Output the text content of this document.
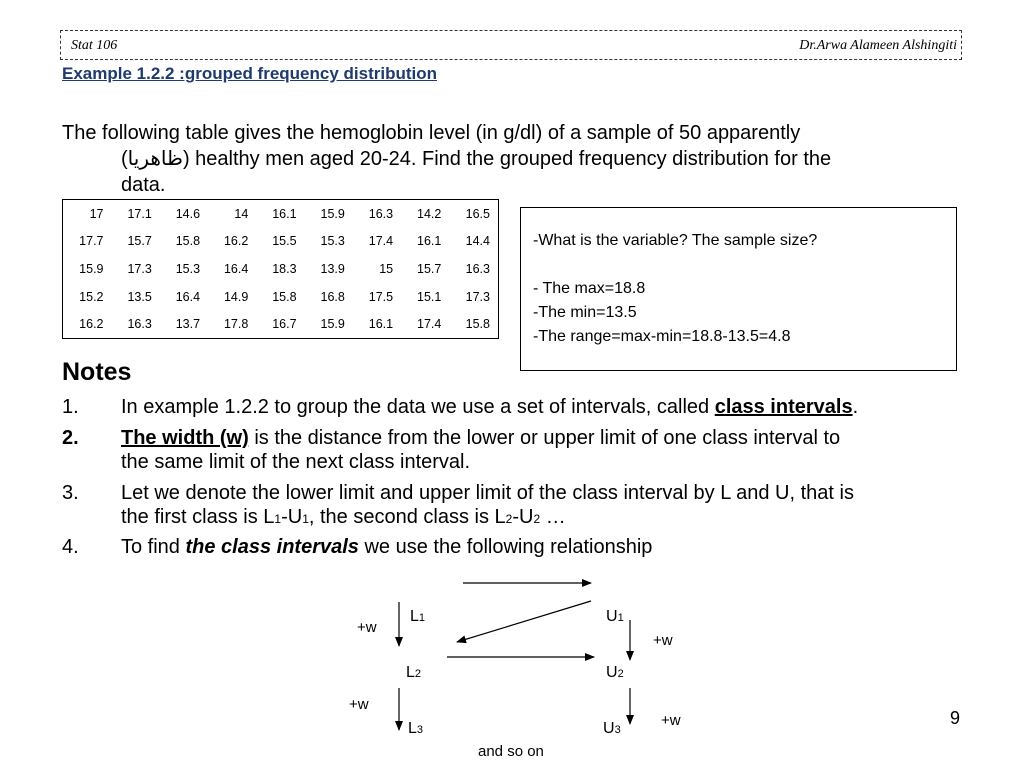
Stat 106	Dr.Arwa Alameen Alshingiti
Example 1.2.2 :grouped frequency distribution
The following table gives the hemoglobin level (in g/dl) of a sample of 50 apparently
(ظاهريا) healthy men aged 20-24. Find the grouped frequency distribution for the
data.
17	17.1	14.6	14	16.1	15.9	16.3	14.2	16.5
17.7	15.7	15.8	16.2	15.5	15.3	17.4	16.1	14.4
15.9	17.3	15.3	16.4	18.3	13.9	15	15.7	16.3
15.2	13.5	16.4	14.9	15.8	16.8	17.5	15.1	17.3
16.2	16.3	13.7	17.8	16.7	15.9	16.1	17.4	15.8
-What is the variable? The sample size?
- The max=18.8
-The min=13.5
-The range=max-min=18.8-13.5=4.8
Notes
1. In example 1.2.2 to group the data we use a set of intervals, called class intervals.
2. The width (w) is the distance from the lower or upper limit of one class interval to
the same limit of the next class interval.
3. Let we denote the lower limit and upper limit of the class interval by L and U, that is
the first class is L1-U1, the second class is L2-U2 …
4. To find the class intervals we use the following relationship
L1	U1
L2	U2
L3	U3
+w
+w
+w
+w
and so on
9
